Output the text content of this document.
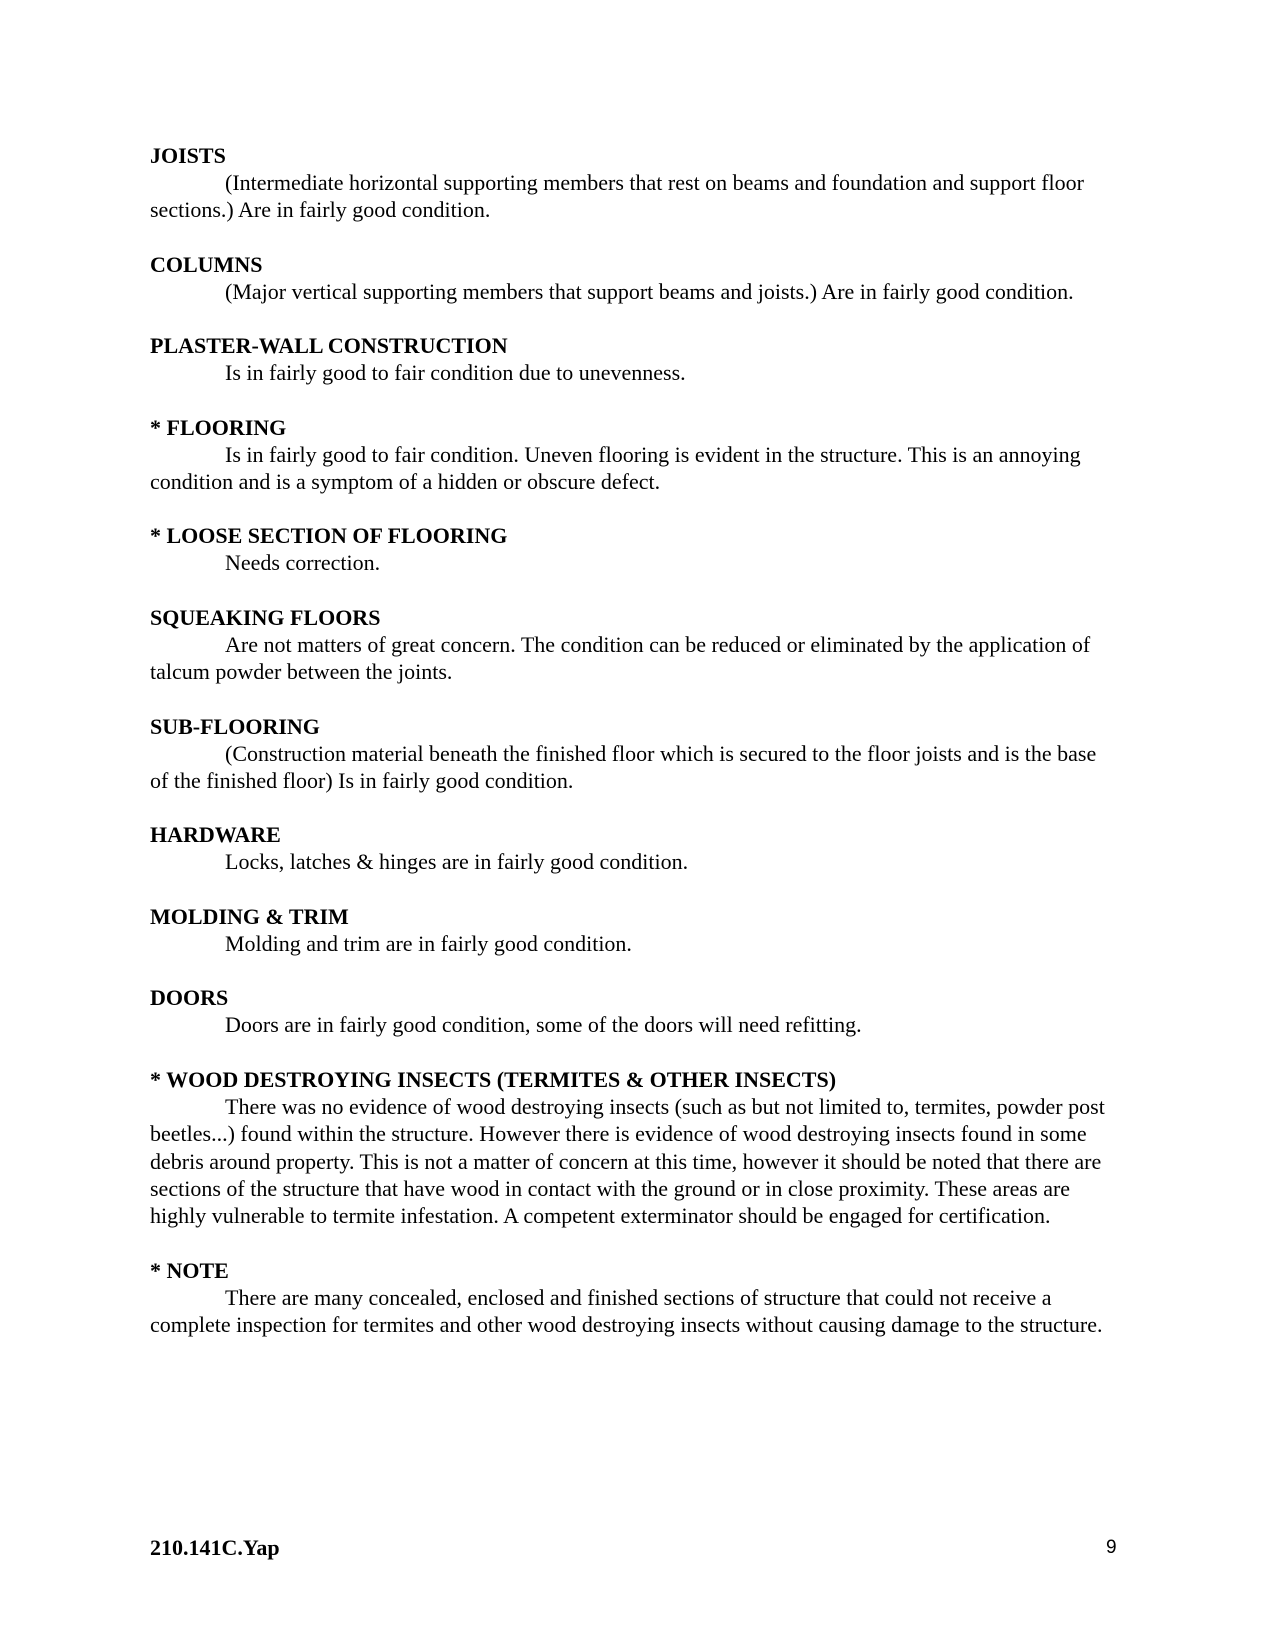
JOISTS

(Intermediate horizontal supporting members that rest on beams and foundation and support floor sections.) Are in fairly good condition.

COLUMNS

(Major vertical supporting members that support beams and joists.) Are in fairly good condition.

PLASTER-WALL CONSTRUCTION

Is in fairly good to fair condition due to unevenness.

* FLOORING

Is in fairly good to fair condition. Uneven flooring is evident in the structure. This is an annoying condition and is a symptom of a hidden or obscure defect.

* LOOSE SECTION OF FLOORING

Needs correction.

SQUEAKING FLOORS

Are not matters of great concern. The condition can be reduced or eliminated by the application of talcum powder between the joints.

SUB-FLOORING

(Construction material beneath the finished floor which is secured to the floor joists and is the base of the finished floor) Is in fairly good condition.

HARDWARE

Locks, latches & hinges are in fairly good condition.

MOLDING & TRIM

Molding and trim are in fairly good condition.

DOORS

Doors are in fairly good condition, some of the doors will need refitting.

* WOOD DESTROYING INSECTS (TERMITES & OTHER INSECTS)

There was no evidence of wood destroying insects (such as but not limited to, termites, powder post beetles...) found within the structure. However there is evidence of wood destroying insects found in some debris around property. This is not a matter of concern at this time, however it should be noted that there are sections of the structure that have wood in contact with the ground or in close proximity. These areas are highly vulnerable to termite infestation. A competent exterminator should be engaged for certification.

* NOTE

There are many concealed, enclosed and finished sections of structure that could not receive a complete inspection for termites and other wood destroying insects without causing damage to the structure.

210.141C.Yap	9
